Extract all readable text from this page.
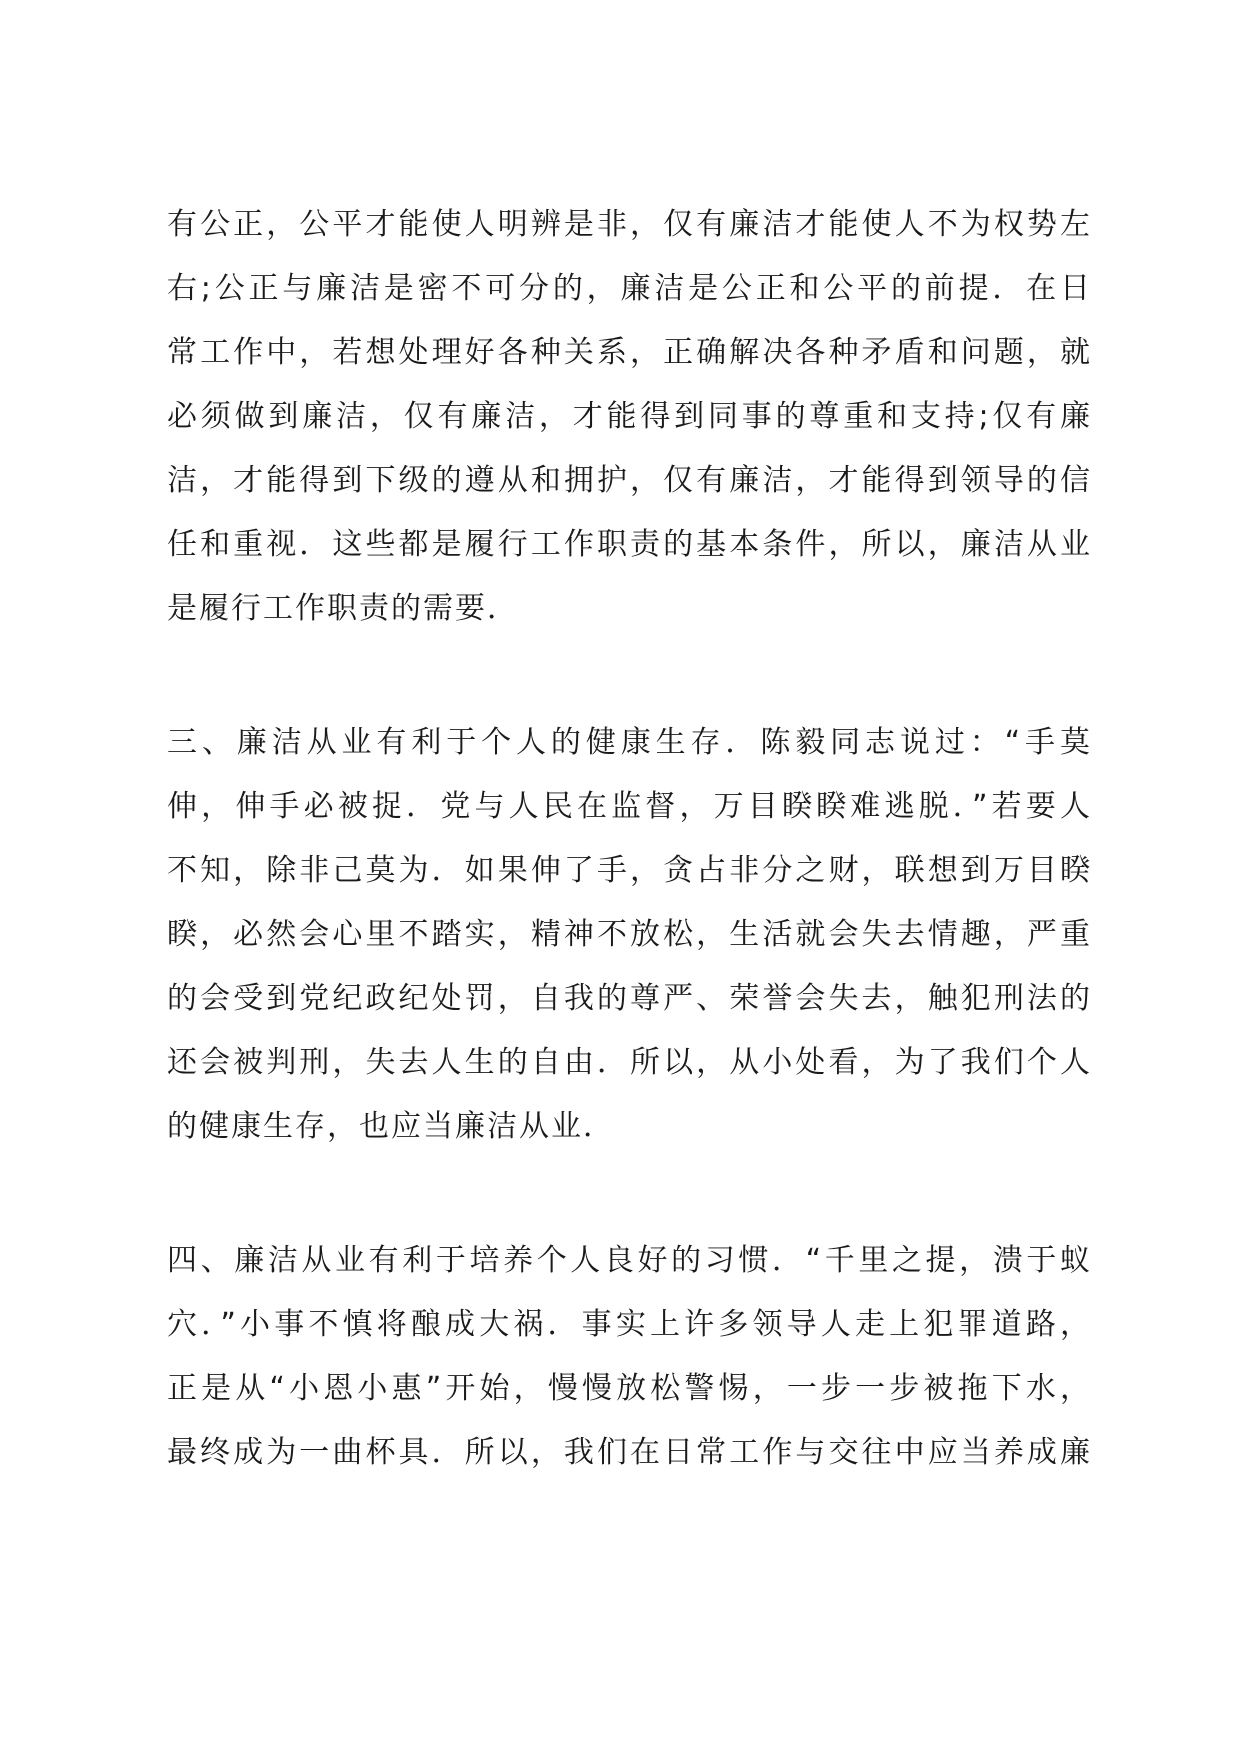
有公正，公平才能使人明辨是非，仅有廉洁才能使人不为权势左
右;公正与廉洁是密不可分的，廉洁是公正和公平的前提．在日
常工作中，若想处理好各种关系，正确解决各种矛盾和问题，就
必须做到廉洁，仅有廉洁，才能得到同事的尊重和支持;仅有廉
洁，才能得到下级的遵从和拥护，仅有廉洁，才能得到领导的信
任和重视．这些都是履行工作职责的基本条件，所以，廉洁从业
是履行工作职责的需要．
三、廉洁从业有利于个人的健康生存．陈毅同志说过：“手莫
伸，伸手必被捉．党与人民在监督，万目睽睽难逃脱．”若要人
不知，除非己莫为．如果伸了手，贪占非分之财，联想到万目睽
睽，必然会心里不踏实，精神不放松，生活就会失去情趣，严重
的会受到党纪政纪处罚，自我的尊严、荣誉会失去，触犯刑法的
还会被判刑，失去人生的自由．所以，从小处看，为了我们个人
的健康生存，也应当廉洁从业．
四、廉洁从业有利于培养个人良好的习惯．“千里之提，溃于蚁
穴．”小事不慎将酿成大祸．事实上许多领导人走上犯罪道路，
正是从“小恩小惠”开始，慢慢放松警惕，一步一步被拖下水，
最终成为一曲杯具．所以，我们在日常工作与交往中应当养成廉
